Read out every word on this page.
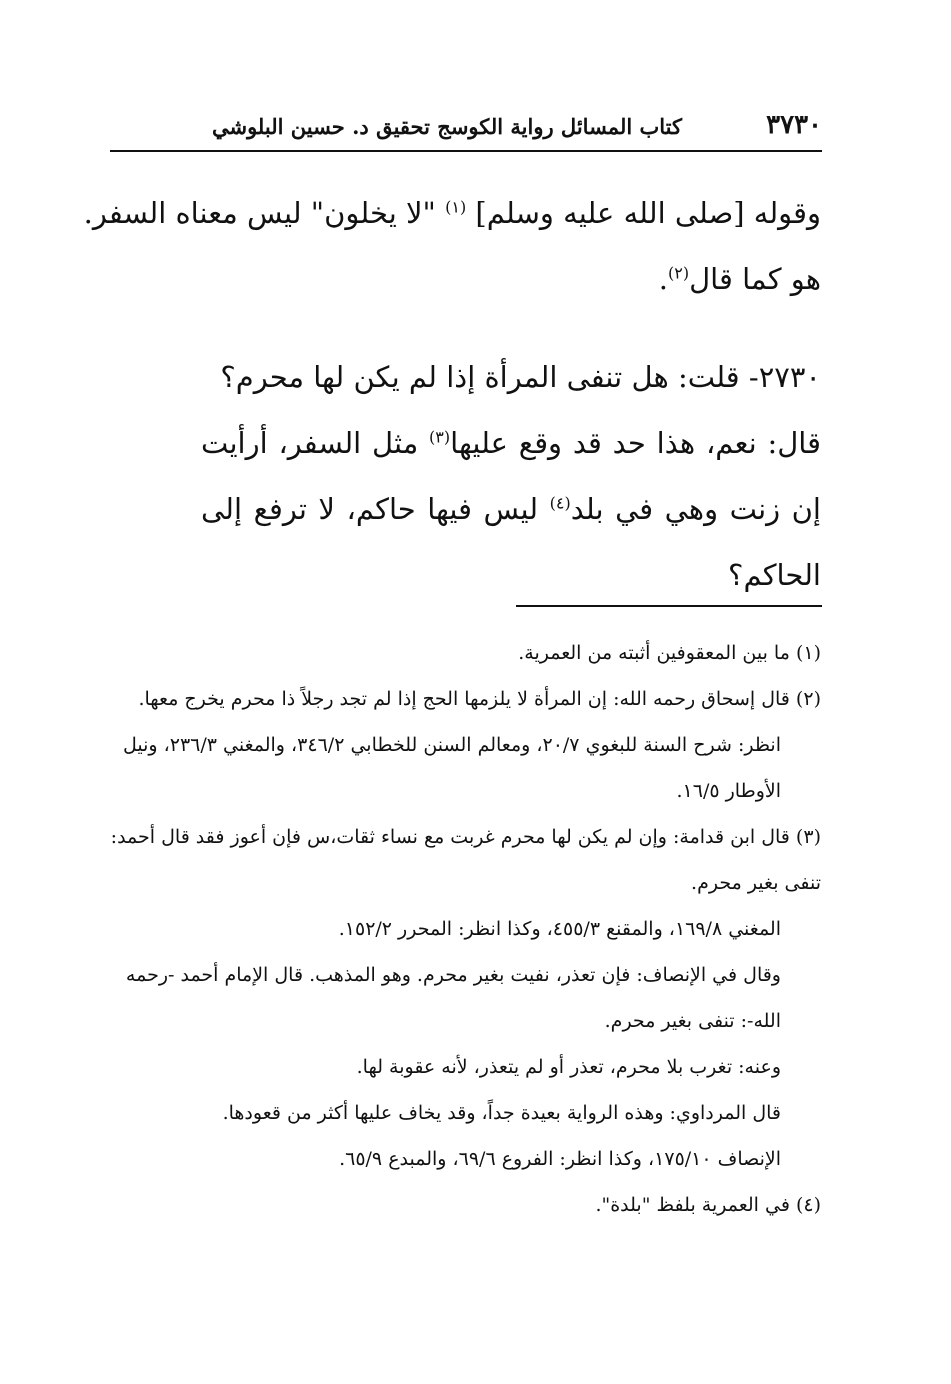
٣٧٣٠
كتاب المسائل رواية الكوسج تحقيق د. حسين البلوشي
وقوله [صلى الله عليه وسلم] $^{(١)}$ "لا يخلون" ليس معناه السفر.
هو كما قال$^{(٢)}$.
٢٧٣٠- قلت: هل تنفى المرأة إذا لم يكن لها محرم؟
قال: نعم، هذا حد قد وقع عليها$^{(٣)}$ مثل السفر، أرأيت إن زنت وهي في بلد$^{(٤)}$ ليس فيها حاكم، لا ترفع إلى الحاكم؟
(١) ما بين المعقوفين أثبته من العمرية.
(٢) قال إسحاق رحمه الله: إن المرأة لا يلزمها الحج إذا لم تجد رجلاً ذا محرم يخرج معها.
انظر: شرح السنة للبغوي ٢٠/٧، ومعالم السنن للخطابي ٣٤٦/٢، والمغني ٢٣٦/٣، ونيل الأوطار ١٦/٥.
(٣) قال ابن قدامة: وإن لم يكن لها محرم غربت مع نساء ثقات،س فإن أعوز فقد قال أحمد: تنفى بغير محرم.
المغني ١٦٩/٨، والمقنع ٤٥٥/٣، وكذا انظر: المحرر ١٥٢/٢.
وقال في الإنصاف: فإن تعذر، نفيت بغير محرم. وهو المذهب. قال الإمام أحمد -رحمه الله-: تنفى بغير محرم.
وعنه: تغرب بلا محرم، تعذر أو لم يتعذر، لأنه عقوبة لها.
قال المرداوي: وهذه الرواية بعيدة جداً، وقد يخاف عليها أكثر من قعودها.
الإنصاف ١٧٥/١٠، وكذا انظر: الفروع ٦٩/٦، والمبدع ٦٥/٩.
(٤) في العمرية بلفظ "بلدة".
